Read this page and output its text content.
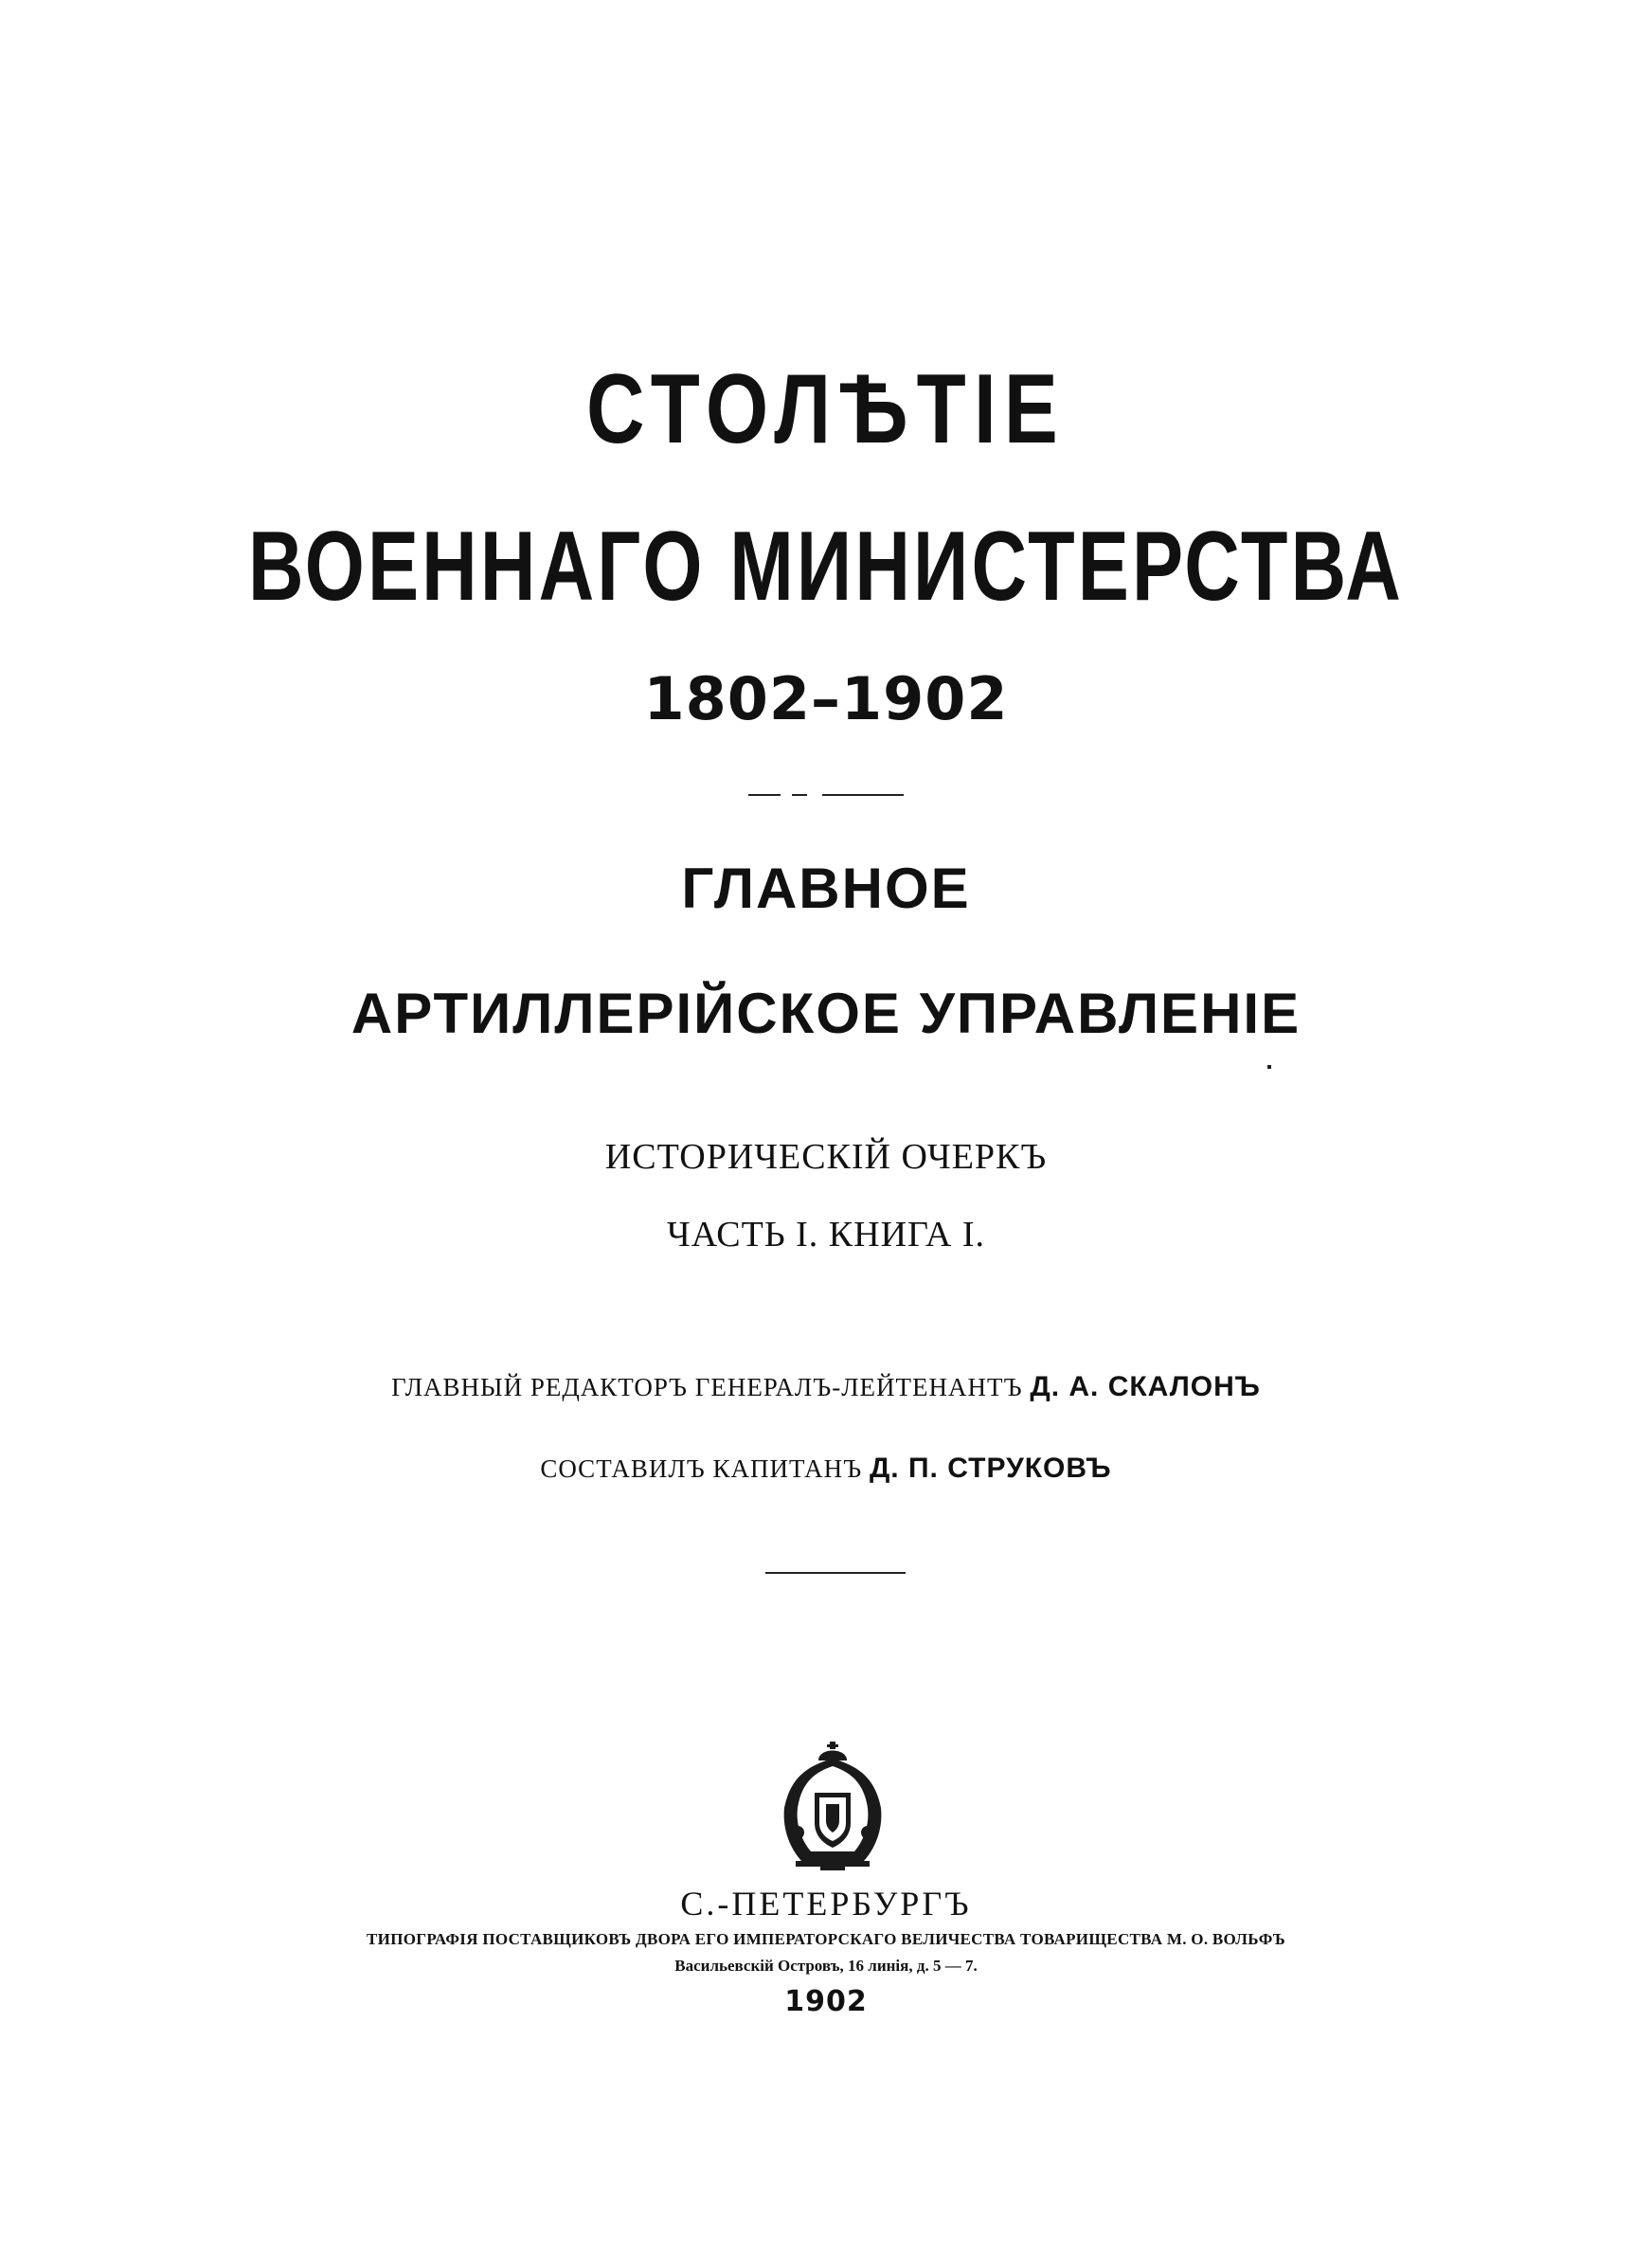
СТОЛѢТІЕ
ВОЕННАГО МИНИСТЕРСТВА
1802–1902
ГЛАВНОЕ
АРТИЛЛЕРІЙСКОЕ УПРАВЛЕНІЕ
ИСТОРИЧЕСКІЙ ОЧЕРКЪ
ЧАСТЬ I. КНИГА I.
ГЛАВНЫЙ РЕДАКТОРЪ ГЕНЕРАЛЪ-ЛЕЙТЕНАНТЪ Д. А. СКАЛОНЪ
СОСТАВИЛЪ КАПИТАНЪ Д. П. СТРУКОВЪ
С.-ПЕТЕРБУРГЪ
ТИПОГРАФІЯ ПОСТАВЩИКОВЪ ДВОРА ЕГО ИМПЕРАТОРСКАГО ВЕЛИЧЕСТВА ТОВАРИЩЕСТВА М. О. ВОЛЬФЪ
Васильевскій Островъ, 16 линія, д. 5 — 7.
1902
